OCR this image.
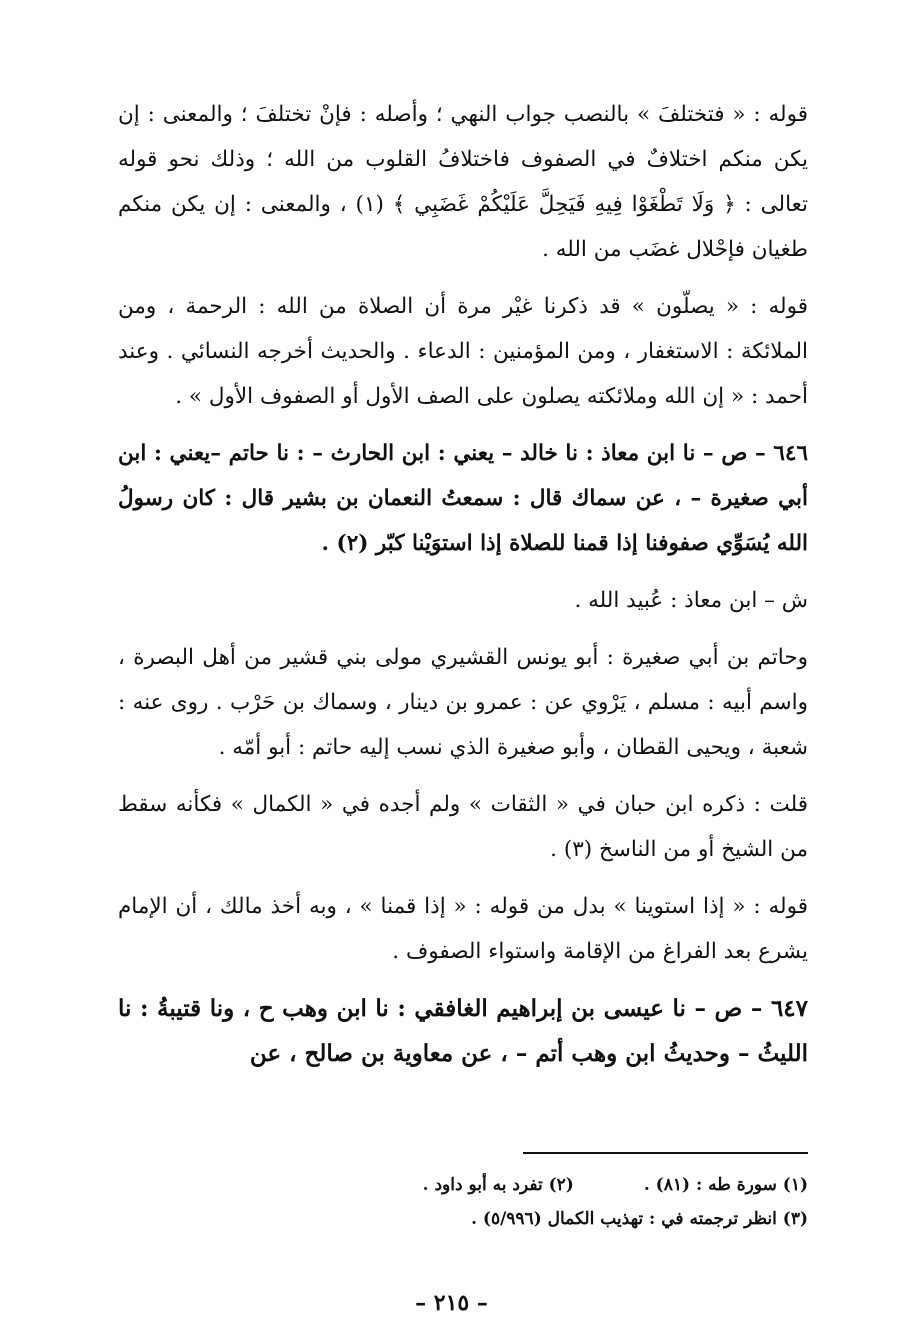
قوله : « فتختلفَ » بالنصب جواب النهي ؛ وأصله : فإنْ تختلفَ ؛ والمعنى : إن يكن منكم اختلافٌ في الصفوف فاختلافُ القلوب من الله ؛ وذلك نحو قوله تعالى : ﴿ وَلَا تَطْغَوْا فِيهِ فَيَحِلَّ عَلَيْكُمْ غَضَبِي ﴾ (١) ، والمعنى : إن يكن منكم طغيان فإحْلال غضَب من الله .

قوله : « يصلّون » قد ذكرنا غيْر مرة أن الصلاة من الله : الرحمة ، ومن الملائكة : الاستغفار ، ومن المؤمنين : الدعاء . والحديث أخرجه النسائي . وعند أحمد : « إن الله وملائكته يصلون على الصف الأول أو الصفوف الأول » .

٦٤٦ – ص – نا ابن معاذ : نا خالد – يعني : ابن الحارث – : نا حاتم –يعني : ابن أبي صغيرة – ، عن سماك قال : سمعتُ النعمان بن بشير قال : كان رسولُ الله يُسَوِّي صفوفنا إذا قمنا للصلاة إذا استوَيْنا كبّر (٢) .

ش – ابن معاذ : عُبيد الله .

وحاتم بن أبي صغيرة : أبو يونس القشيري مولى بني قشير من أهل البصرة ، واسم أبيه : مسلم ، يَرْوي عن : عمرو بن دينار ، وسماك بن حَرْب . روى عنه : شعبة ، ويحيى القطان ، وأبو صغيرة الذي نسب إليه حاتم : أبو أمّه .

قلت : ذكره ابن حبان في « الثقات » ولم أجده في « الكمال » فكأنه سقط من الشيخ أو من الناسخ (٣) .

قوله : « إذا استوينا » بدل من قوله : « إذا قمنا » ، وبه أخذ مالك ، أن الإمام يشرع بعد الفراغ من الإقامة واستواء الصفوف .

٦٤٧ – ص – نا عيسى بن إبراهيم الغافقي : نا ابن وهب ح ، ونا قتيبةُ : نا الليثُ – وحديثُ ابن وهب أتم – ، عن معاوية بن صالح ، عن

(١) سورة طه : (٨١) .
(٢) تفرد به أبو داود .
(٣) انظر ترجمته في : تهذيب الكمال (٥/٩٩٦) .
– ٢١٥ –
